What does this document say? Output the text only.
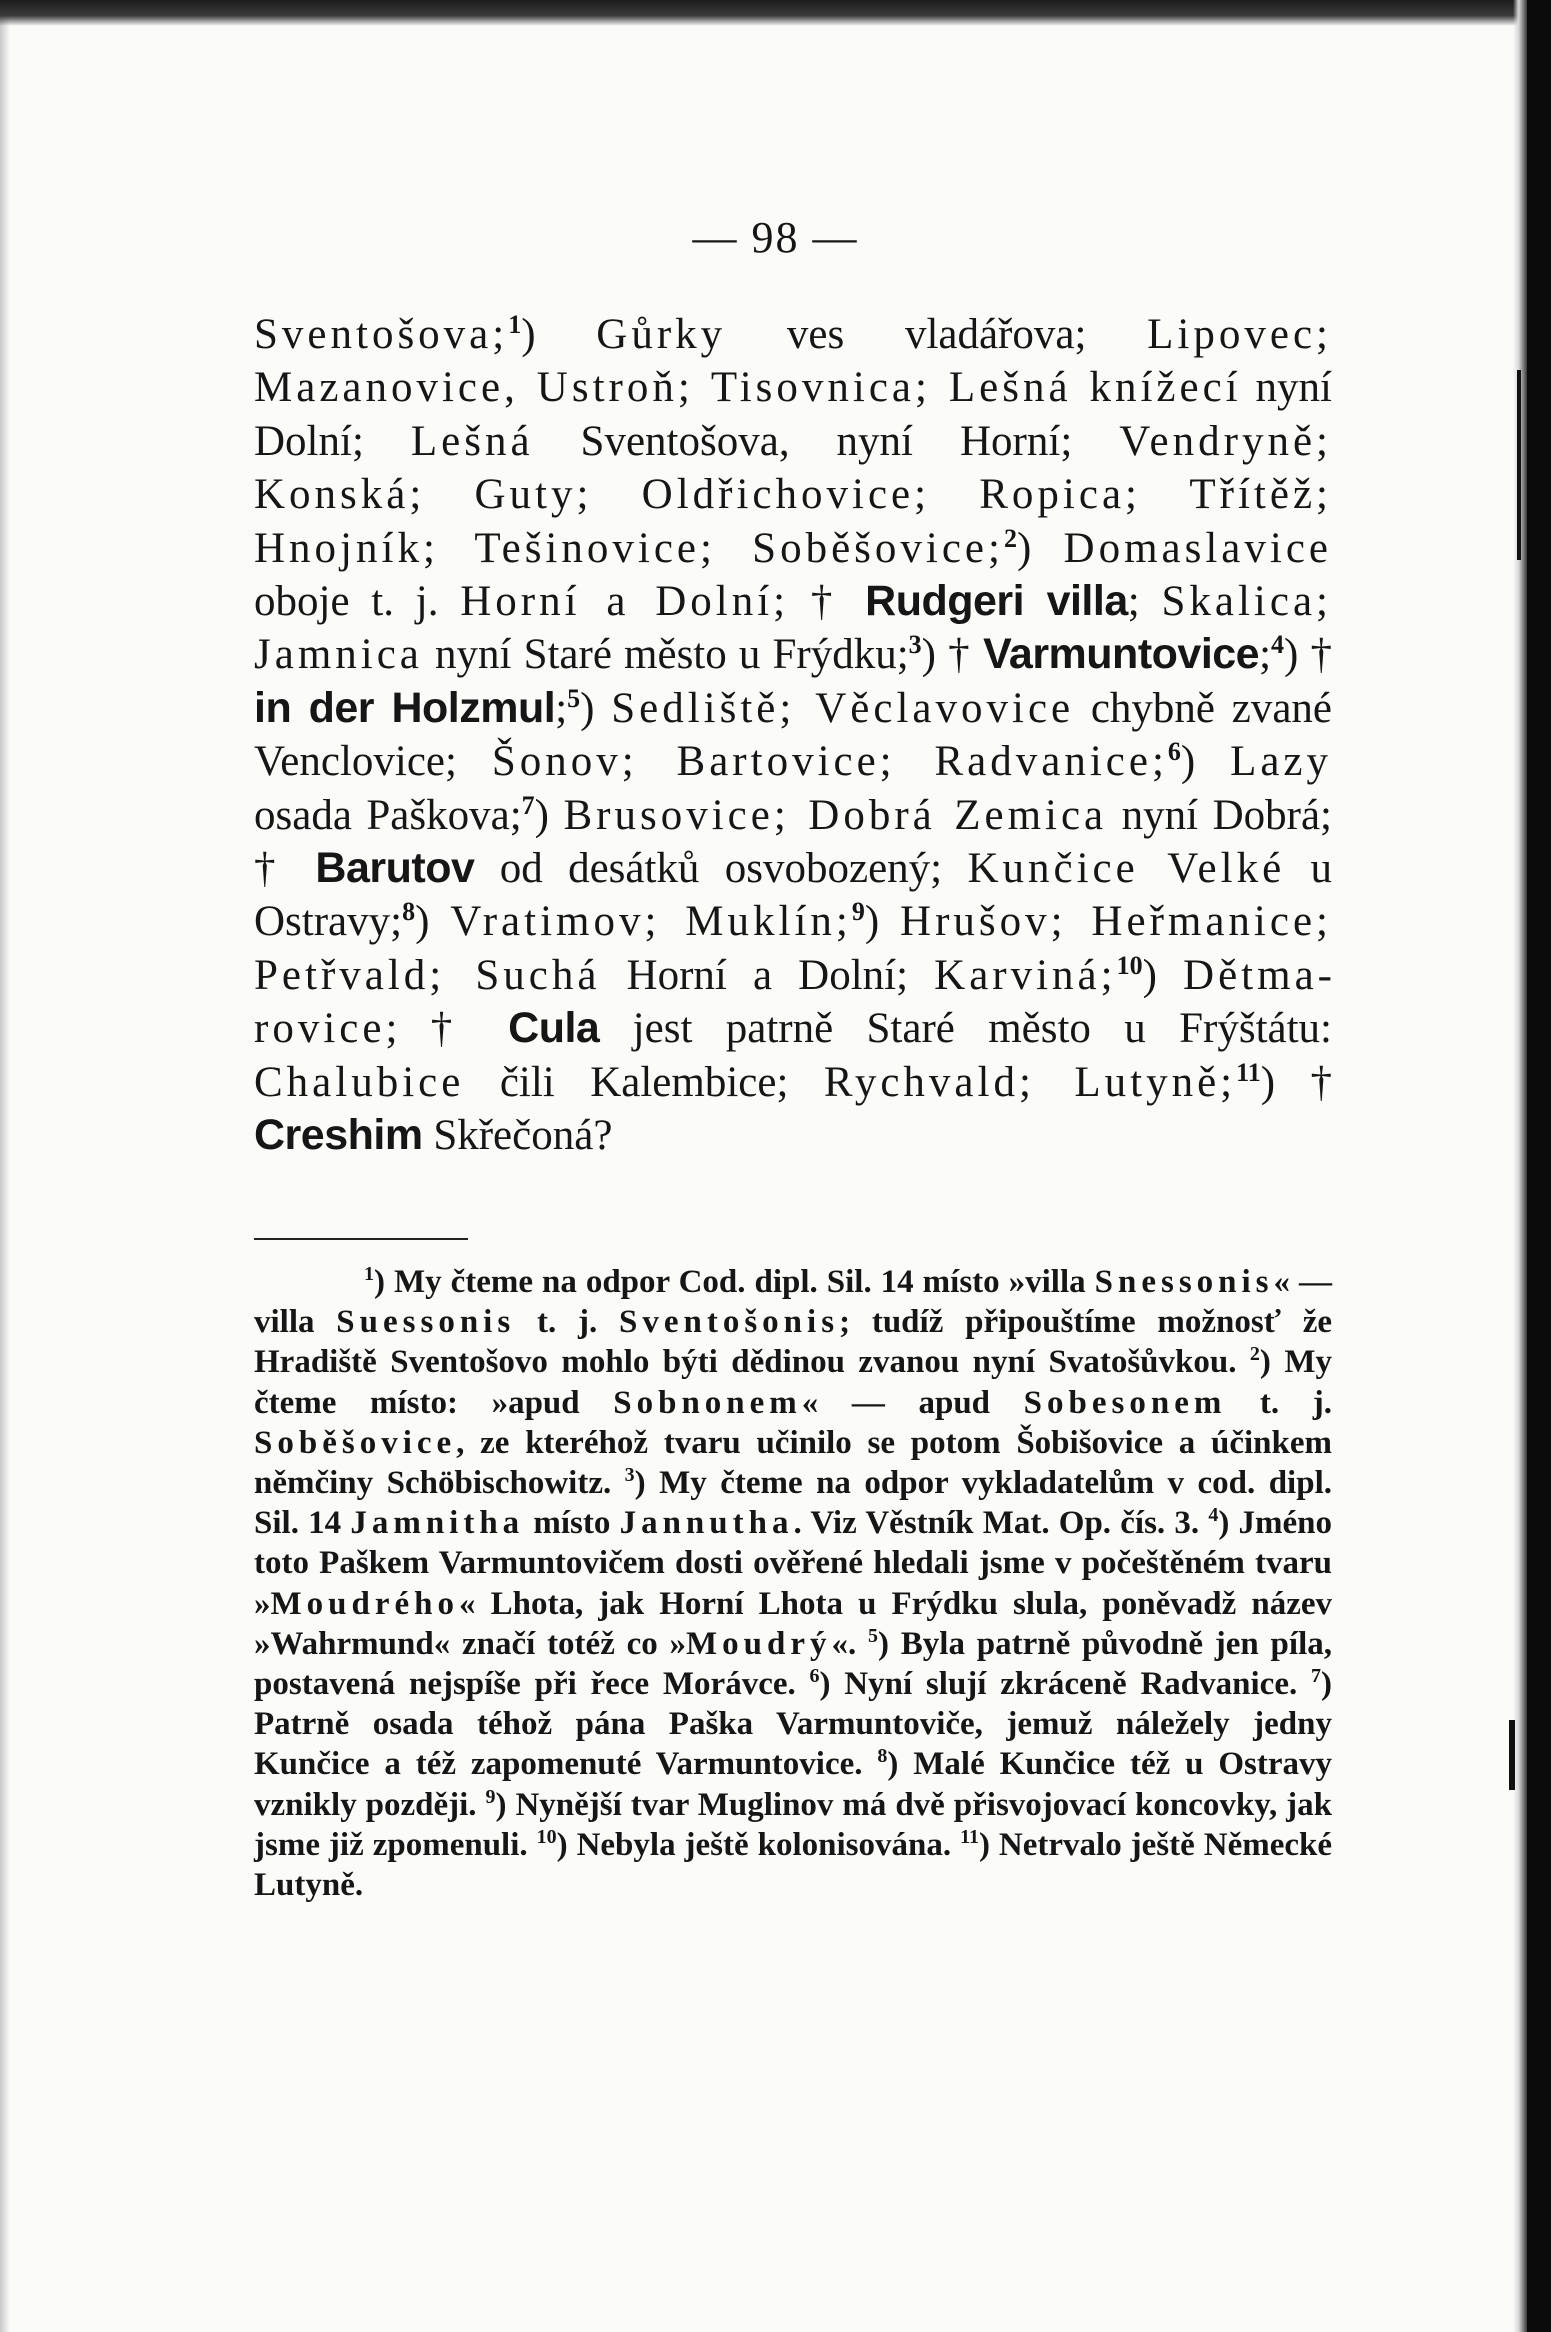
— 98 —

Sventošova;$^1$) Gůrky ves vladářova; Lipovec; Mazanovice, Ustroň; Tisovnica; Lešná knížecí nyní Dolní; Lešná Sventošova, nyní Horní; Vendryně; Konská; Guty; Oldřichovice; Ropica; Třítěž; Hnojník; Tešinovice; Soběšovice;$^2$) Domaslavice oboje t. j. Horní a Dolní; † Rudgeri villa; Skalica; Jamnica nyní Staré město u Frýdku;$^3$) † Varmuntovice;$^4$) † in der Holzmul;$^5$) Sedliště; Věclavovice chybně zvané Venclovice; Šonov; Bartovice; Radvanice;$^6$) Lazy osada Paškova;$^7$) Brusovice; Dobrá Zemica nyní Dobrá; † Barutov od desátků osvobozený; Kunčice Velké u Ostravy;$^8$) Vratimov; Muklín;$^9$) Hrušov; Heřmanice; Petřvald; Suchá Horní a Dolní; Karviná;$^{10}$) Dětmarovice; † Cula jest patrně Staré město u Frýštátu: Chalubice čili Kalembice; Rychvald; Lutyně;$^{11}$) † Creshim Skřečoná?

$^1$) My čteme na odpor Cod. dipl. Sil. 14 místo »villa Snessonis« — villa Suessonis t. j. Sventošonis; tudíž připouštíme možnosť že Hradiště Sventošovo mohlo býti dědinou zvanou nyní Svatošůvkou. $^2$) My čteme místo: »apud Sobnonem« — apud Sobesonem t. j. Soběšovice, ze kteréhož tvaru učinilo se potom Šobišovice a účinkem němčiny Schöbischowitz. $^3$) My čteme na odpor vykladatelům v cod. dipl. Sil. 14 Jamnitha místo Jannutha. Viz Věstník Mat. Op. čís. 3. $^4$) Jméno toto Paškem Varmuntovičem dosti ověřené hledali jsme v počeštěném tvaru »Moudrého« Lhota, jak Horní Lhota u Frýdku slula, poněvadž název »Wahrmund« značí totéž co »Moudrý«. $^5$) Byla patrně původně jen píla, postavená nejspíše při řece Morávce. $^6$) Nyní slují zkráceně Radvanice. $^7$) Patrně osada téhož pána Paška Varmuntoviče, jemuž náležely jedny Kunčice a též zapomenuté Varmuntovice. $^8$) Malé Kunčice též u Ostravy vznikly později. $^9$) Nynější tvar Muglinov má dvě přisvojovací koncovky, jak jsme již zpomenuli. $^{10}$) Nebyla ještě kolonisována. $^{11}$) Netrvalo ještě Německé Lutyně.
